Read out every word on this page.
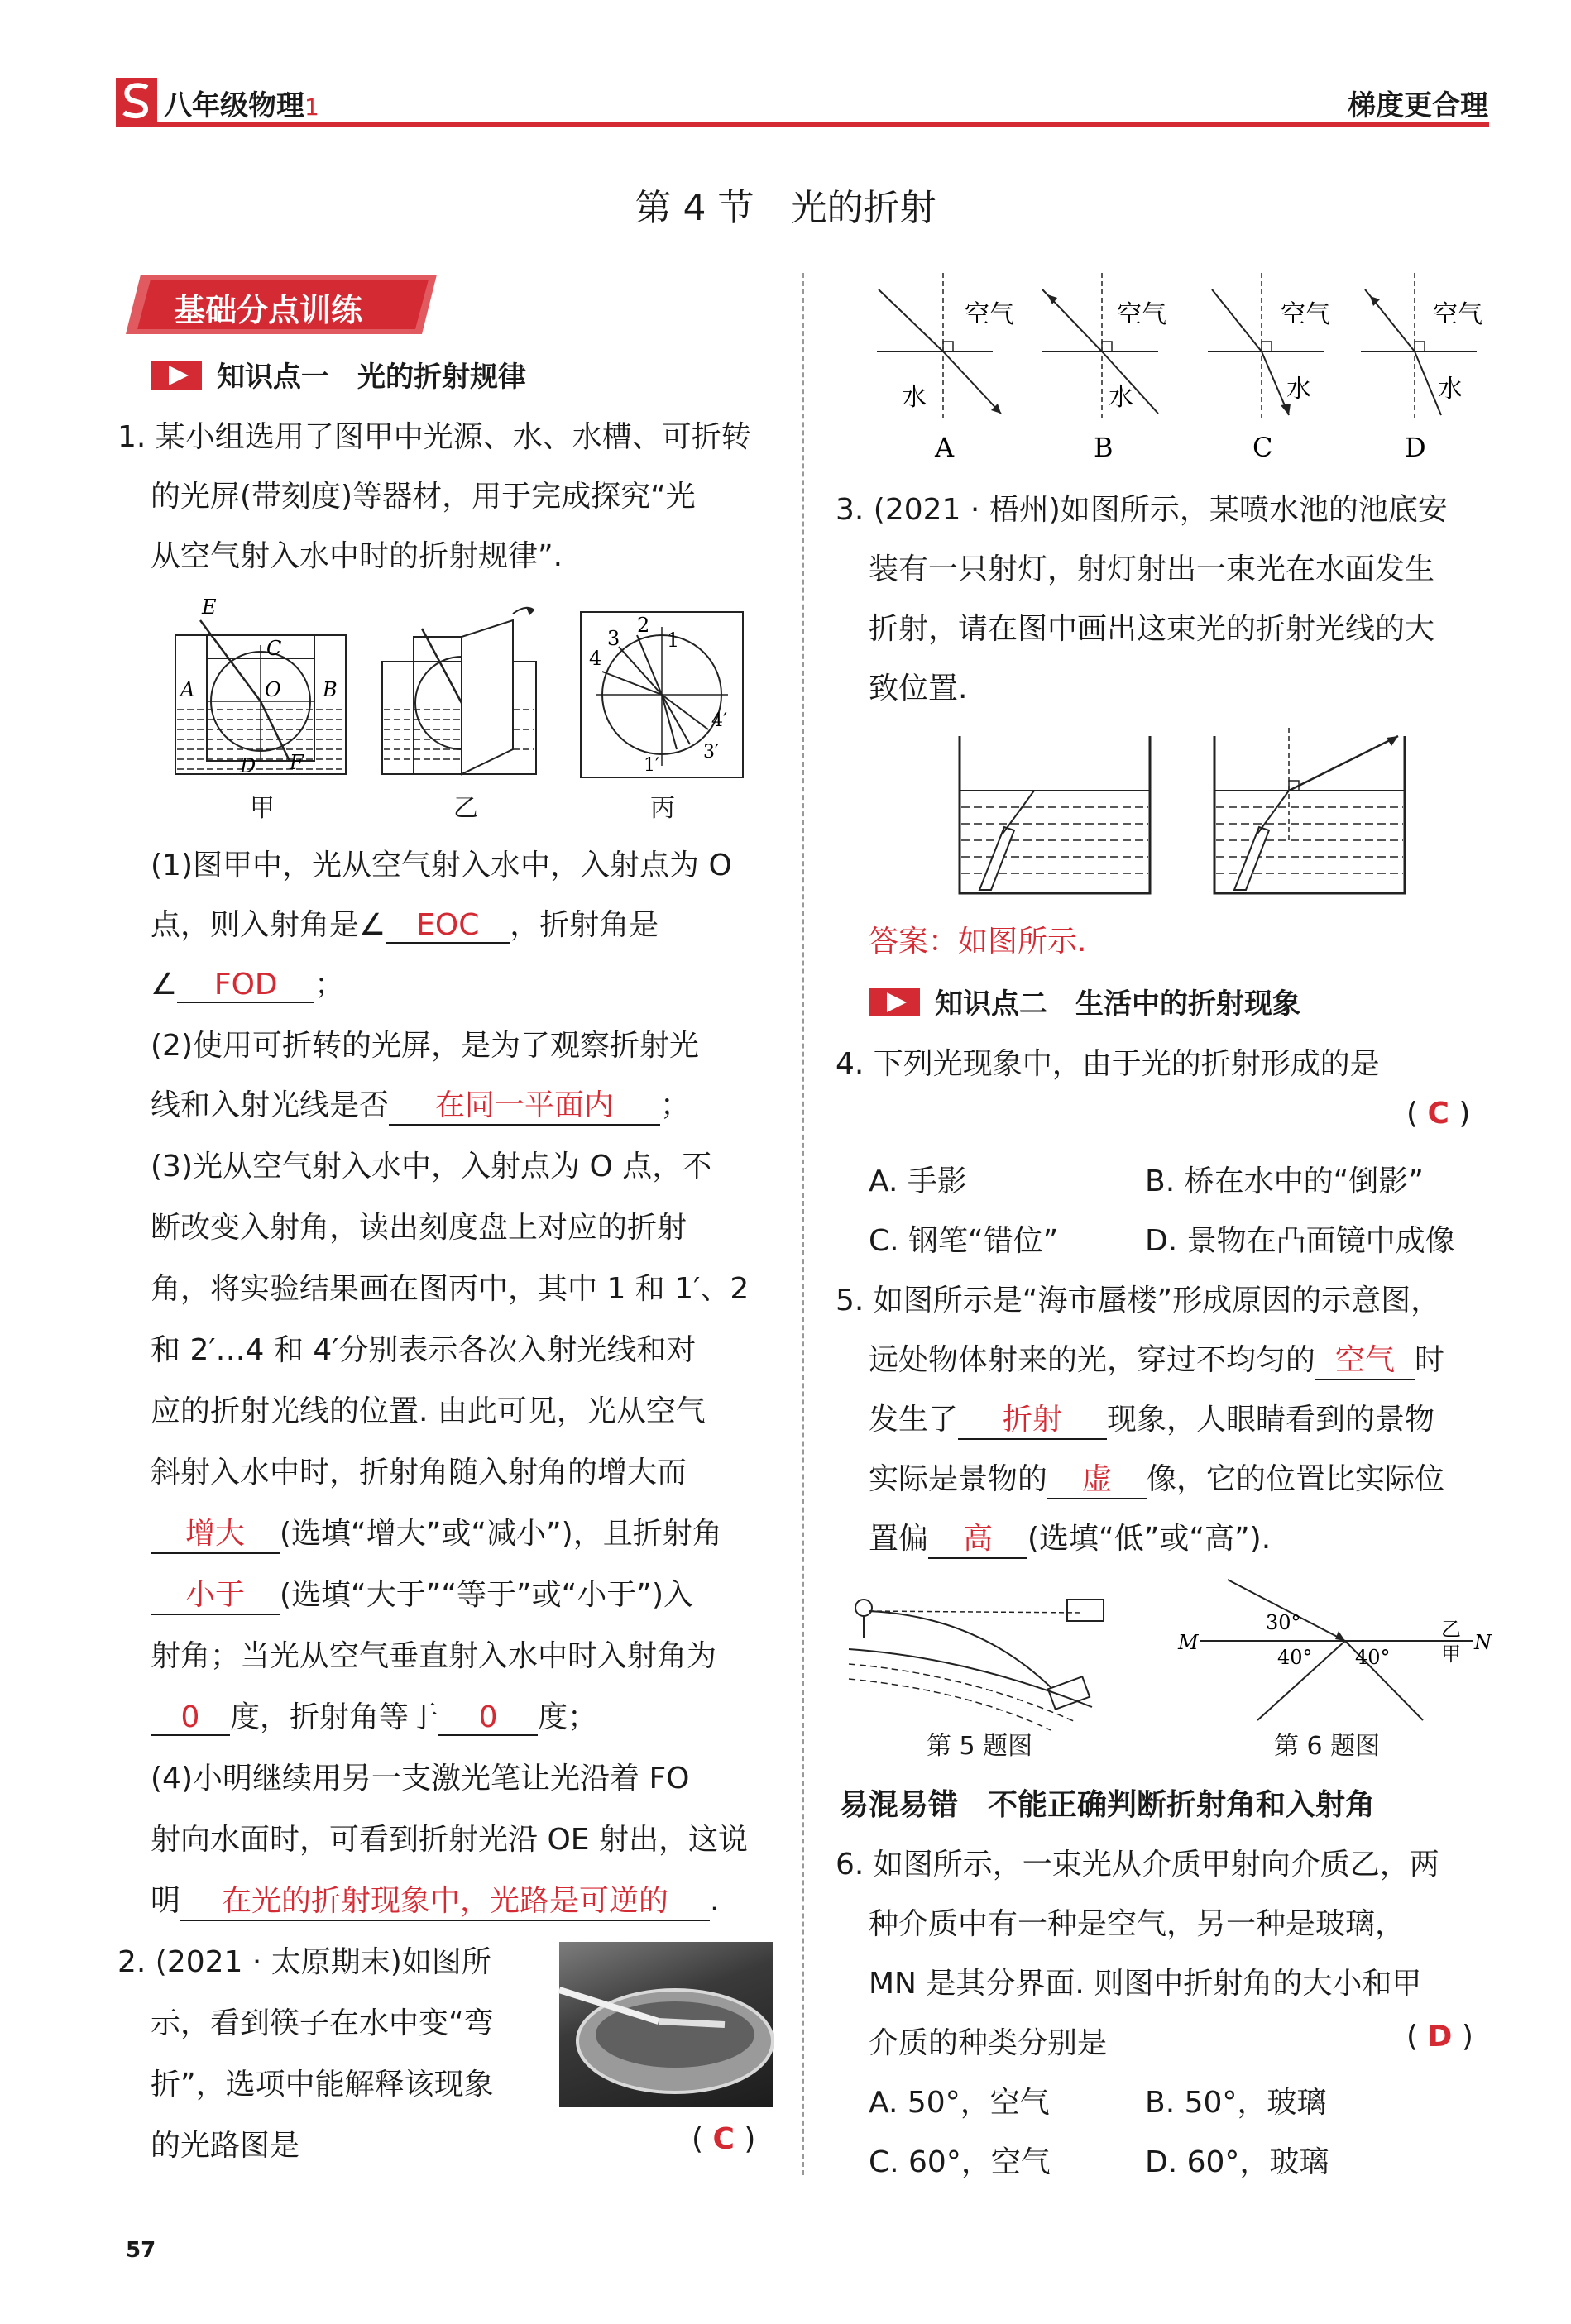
八年级物理1	梯度更合理
第 4 节　光的折射
基础分点训练
知识点一　光的折射规律
1. 某小组选用了图甲中光源、水、水槽、可折转
的光屏(带刻度)等器材，用于完成探究“光
从空气射入水中时的折射规律”.
E
C
A	O B
D F
甲	乙
2
1
3
4
4′
3′
1′
丙
(1)图甲中，光从空气射入水中，入射点为 O
点，则入射角是∠ EOC ，折射角是
∠ FOD ；
(2)使用可折转的光屏，是为了观察折射光
线和入射光线是否 在同一平面内 ；
(3)光从空气射入水中，入射点为 O 点，不
断改变入射角，读出刻度盘上对应的折射
角，将实验结果画在图丙中，其中 1 和 1′、2
和 2′…4 和 4′分别表示各次入射光线和对
应的折射光线的位置. 由此可见，光从空气
斜射入水中时，折射角随入射角的增大而
增大 (选填“增大”或“减小”)，且折射角
小于 (选填“大于”“等于”或“小于”)入
射角；当光从空气垂直射入水中时入射角为
0 度，折射角等于 0 度；
(4)小明继续用另一支激光笔让光沿着 FO
射向水面时，可看到折射光沿 OE 射出，这说
明 在光的折射现象中，光路是可逆的 .
2. (2021 · 太原期末)如图所
示，看到筷子在水中变“弯
折”，选项中能解释该现象
的光路图是	( C )
空气
水
A
空气
水
B
空气
水
C
空气
水
D
3. (2021 · 梧州)如图所示，某喷水池的池底安
装有一只射灯，射灯射出一束光在水面发生
折射，请在图中画出这束光的折射光线的大
致位置.
答案：如图所示.
知识点二　生活中的折射现象
4. 下列光现象中，由于光的折射形成的是
( C )
A. 手影	B. 桥在水中的“倒影”
C. 钢笔“错位”	D. 景物在凸面镜中成像
5. 如图所示是“海市蜃楼”形成原因的示意图，
远处物体射来的光，穿过不均匀的 空气 时
发生了 折射 现象，人眼睛看到的景物
实际是景物的 虚 像，它的位置比实际位
置偏 高 (选填“低”或“高”).
第 5 题图
M	N
乙
甲
30°
40° 40°
第 6 题图
易混易错　不能正确判断折射角和入射角
6. 如图所示，一束光从介质甲射向介质乙，两
种介质中有一种是空气，另一种是玻璃，
MN 是其分界面. 则图中折射角的大小和甲
介质的种类分别是	( D )
A. 50°，空气	B. 50°，玻璃
C. 60°，空气	D. 60°，玻璃
57
